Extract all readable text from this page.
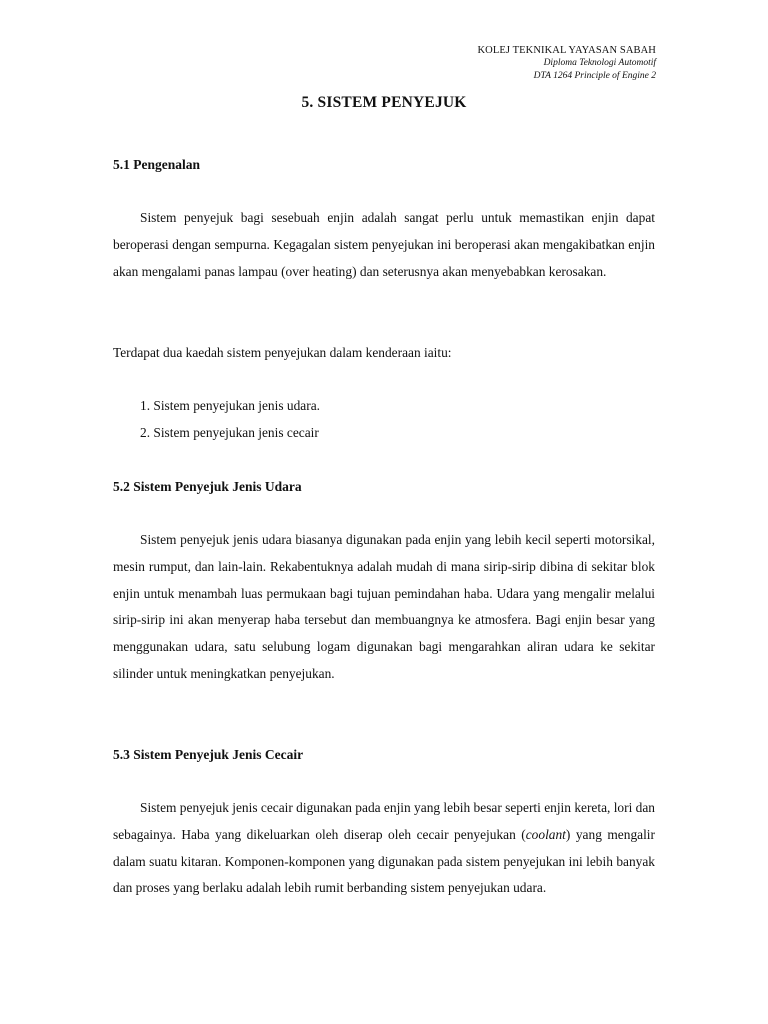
KOLEJ TEKNIKAL YAYASAN SABAH
Diploma Teknologi Automotif
DTA 1264 Principle of Engine 2
5. SISTEM PENYEJUK
5.1 Pengenalan
Sistem penyejuk bagi sesebuah enjin adalah sangat perlu untuk memastikan enjin dapat beroperasi dengan sempurna. Kegagalan sistem penyejukan ini beroperasi akan mengakibatkan enjin akan mengalami panas lampau (over heating) dan seterusnya akan menyebabkan kerosakan.
Terdapat dua kaedah sistem penyejukan dalam kenderaan iaitu:
1. Sistem penyejukan jenis udara.
2. Sistem penyejukan jenis cecair
5.2 Sistem Penyejuk Jenis Udara
Sistem penyejuk jenis udara biasanya digunakan pada enjin yang lebih kecil seperti motorsikal, mesin rumput, dan lain-lain. Rekabentuknya adalah mudah di mana sirip-sirip dibina di sekitar blok enjin untuk menambah luas permukaan bagi tujuan pemindahan haba. Udara yang mengalir melalui sirip-sirip ini akan menyerap haba tersebut dan membuangnya ke atmosfera. Bagi enjin besar yang menggunakan udara, satu selubung logam digunakan bagi mengarahkan aliran udara ke sekitar silinder untuk meningkatkan penyejukan.
5.3 Sistem Penyejuk Jenis Cecair
Sistem penyejuk jenis cecair digunakan pada enjin yang lebih besar seperti enjin kereta, lori dan sebagainya. Haba yang dikeluarkan oleh diserap oleh cecair penyejukan (coolant) yang mengalir dalam suatu kitaran. Komponen-komponen yang digunakan pada sistem penyejukan ini lebih banyak dan proses yang berlaku adalah lebih rumit berbanding sistem penyejukan udara.
